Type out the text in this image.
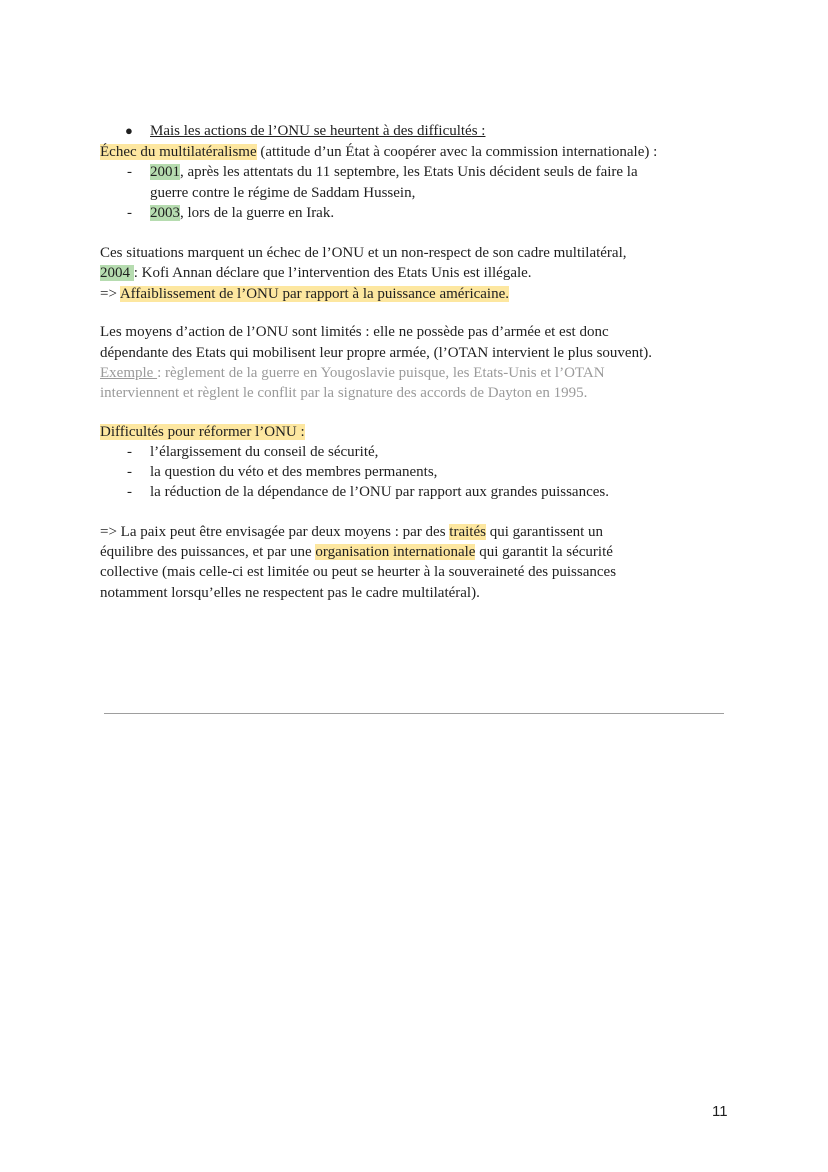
● Mais les actions de l’ONU se heurtent à des difficultés :
Échec du multilatéralisme (attitude d’un État à coopérer avec la commission internationale) :
- 2001, après les attentats du 11 septembre, les Etats Unis décident seuls de faire la
guerre contre le régime de Saddam Hussein,
- 2003, lors de la guerre en Irak.
Ces situations marquent un échec de l’ONU et un non-respect de son cadre multilatéral,
2004 : Kofi Annan déclare que l’intervention des Etats Unis est illégale.
=> Affaiblissement de l’ONU par rapport à la puissance américaine.
Les moyens d’action de l’ONU sont limités : elle ne possède pas d’armée et est donc
dépendante des Etats qui mobilisent leur propre armée, (l’OTAN intervient le plus souvent).
Exemple : règlement de la guerre en Yougoslavie puisque, les Etats-Unis et l’OTAN
interviennent et règlent le conflit par la signature des accords de Dayton en 1995.
Difficultés pour réformer l’ONU :
- l’élargissement du conseil de sécurité,
- la question du véto et des membres permanents,
- la réduction de la dépendance de l’ONU par rapport aux grandes puissances.
=> La paix peut être envisagée par deux moyens : par des traités qui garantissent un
équilibre des puissances, et par une organisation internationale qui garantit la sécurité
collective (mais celle-ci est limitée ou peut se heurter à la souveraineté des puissances
notamment lorsqu’elles ne respectent pas le cadre multilatéral).
11
